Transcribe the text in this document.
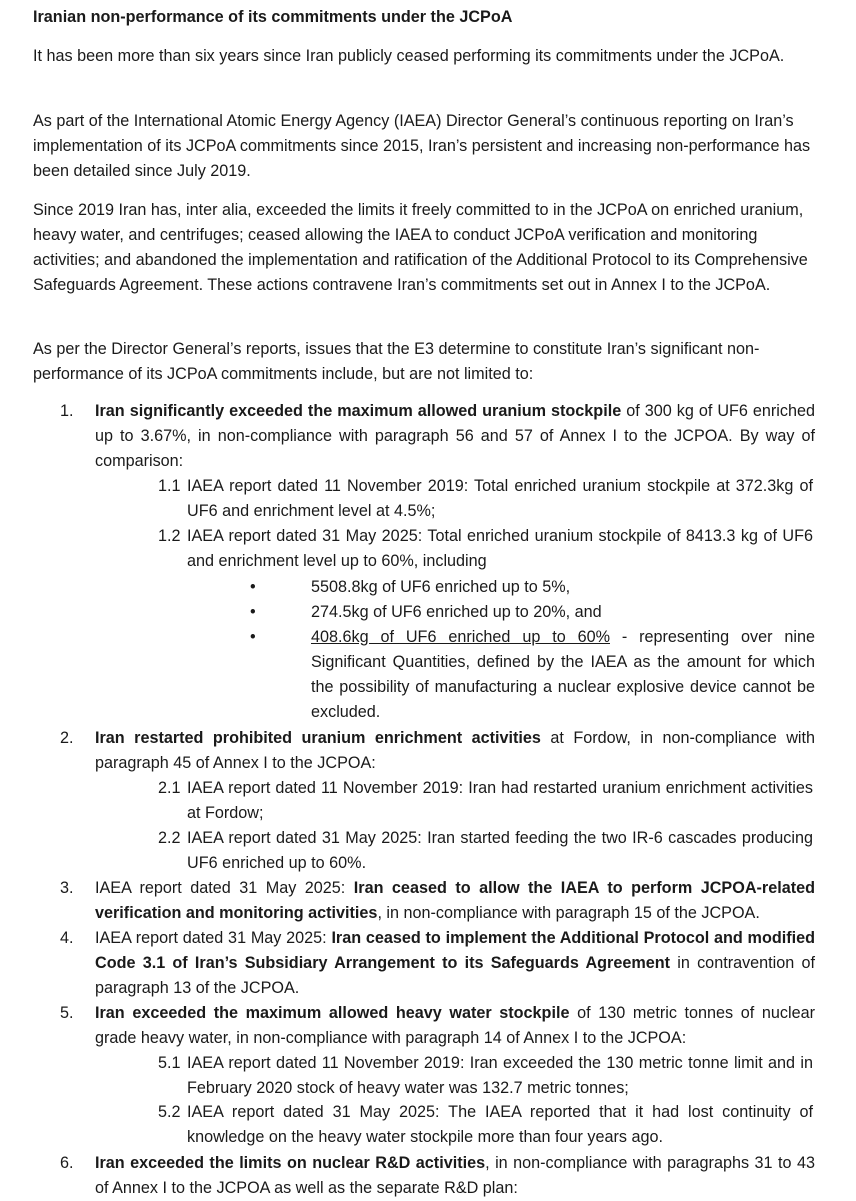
Iranian non-performance of its commitments under the JCPoA

It has been more than six years since Iran publicly ceased performing its commitments under the JCPoA.

As part of the International Atomic Energy Agency (IAEA) Director General’s continuous reporting on Iran’s implementation of its JCPoA commitments since 2015, Iran’s persistent and increasing non-performance has been detailed since July 2019.

Since 2019 Iran has, inter alia, exceeded the limits it freely committed to in the JCPoA on enriched uranium, heavy water, and centrifuges; ceased allowing the IAEA to conduct JCPoA verification and monitoring activities; and abandoned the implementation and ratification of the Additional Protocol to its Comprehensive Safeguards Agreement. These actions contravene Iran’s commitments set out in Annex I to the JCPoA.

As per the Director General’s reports, issues that the E3 determine to constitute Iran’s significant non-performance of its JCPoA commitments include, but are not limited to:

1.	Iran significantly exceeded the maximum allowed uranium stockpile of 300 kg of UF6 enriched up to 3.67%, in non-compliance with paragraph 56 and 57 of Annex I to the JCPOA. By way of comparison:
1.1 IAEA report dated 11 November 2019: Total enriched uranium stockpile at 372.3kg of UF6 and enrichment level at 4.5%;
1.2 IAEA report dated 31 May 2025: Total enriched uranium stockpile of 8413.3 kg of UF6 and enrichment level up to 60%, including
•	5508.8kg of UF6 enriched up to 5%,
•	274.5kg of UF6 enriched up to 20%, and
•	408.6kg of UF6 enriched up to 60% - representing over nine Significant Quantities, defined by the IAEA as the amount for which the possibility of manufacturing a nuclear explosive device cannot be excluded.
2.	Iran restarted prohibited uranium enrichment activities at Fordow, in non-compliance with paragraph 45 of Annex I to the JCPOA:
2.1 IAEA report dated 11 November 2019: Iran had restarted uranium enrichment activities at Fordow;
2.2 IAEA report dated 31 May 2025: Iran started feeding the two IR-6 cascades producing UF6 enriched up to 60%.
3.	IAEA report dated 31 May 2025: Iran ceased to allow the IAEA to perform JCPOA-related verification and monitoring activities, in non-compliance with paragraph 15 of the JCPOA.
4.	IAEA report dated 31 May 2025: Iran ceased to implement the Additional Protocol and modified Code 3.1 of Iran’s Subsidiary Arrangement to its Safeguards Agreement in contravention of paragraph 13 of the JCPOA.
5.	Iran exceeded the maximum allowed heavy water stockpile of 130 metric tonnes of nuclear grade heavy water, in non-compliance with paragraph 14 of Annex I to the JCPOA:
5.1 IAEA report dated 11 November 2019: Iran exceeded the 130 metric tonne limit and in February 2020 stock of heavy water was 132.7 metric tonnes;
5.2 IAEA report dated 31 May 2025: The IAEA reported that it had lost continuity of knowledge on the heavy water stockpile more than four years ago.
6.	Iran exceeded the limits on nuclear R&D activities, in non-compliance with paragraphs 31 to 43 of Annex I to the JCPOA as well as the separate R&D plan:
